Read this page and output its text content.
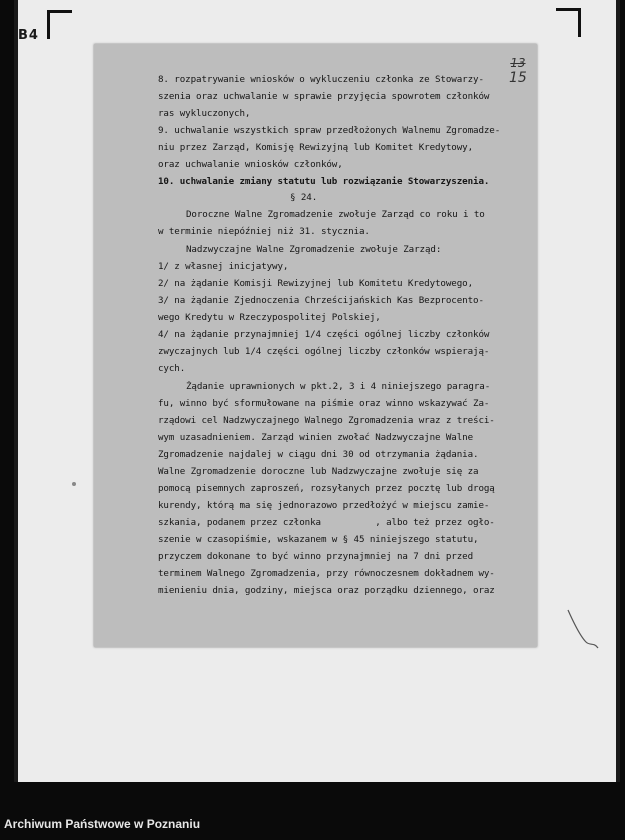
B4
8. rozpatrywanie wniosków o wykluczeniu członka ze Stowarzy-
szenia oraz uchwalanie w sprawie przyjęcia spowrotem członków
ras wykluczonych,
9. uchwalanie wszystkich spraw przedłożonych Walnemu Zgromadze-
niu przez Zarząd, Komisję Rewizyjną lub Komitet Kredytowy,
oraz uchwalanie wniosków członków,
10. uchwalanie zmiany statutu lub rozwiązanie Stowarzyszenia.
§ 24.
Doroczne Walne Zgromadzenie zwołuje Zarząd co roku i to
w terminie niepóźniej niż 31. stycznia.
Nadzwyczajne Walne Zgromadzenie zwołuje Zarząd:
1/ z własnej inicjatywy,
2/ na żądanie Komisji Rewizyjnej lub Komitetu Kredytowego,
3/ na żądanie Zjednoczenia Chrześcijańskich Kas Bezprocento-
wego Kredytu w Rzeczypospolitej Polskiej,
4/ na żądanie przynajmniej 1/4 części ogólnej liczby członków
zwyczajnych lub 1/4 części ogólnej liczby członków wspierają-
cych.
Żądanie uprawnionych w pkt.2, 3 i 4 niniejszego paragra-
fu, winno być sformułowane na piśmie oraz winno wskazywać Za-
rządowi cel Nadzwyczajnego Walnego Zgromadzenia wraz z treści-
wym uzasadnieniem. Zarząd winien zwołać Nadzwyczajne Walne
Zgromadzenie najdalej w ciągu dni 30 od otrzymania żądania.
Walne Zgromadzenie doroczne lub Nadzwyczajne zwołuje się za
pomocą pisemnych zaproszeń, rozsyłanych przez pocztę lub drogą
kurendy, którą ma się jednorazowo przedłożyć w miejscu zamie-
szkania, podanem przez członka          , albo też przez ogło-
szenie w czasopiśmie, wskazanem w § 45 niniejszego statutu,
przyczem dokonane to być winno przynajmniej na 7 dni przed
terminem Walnego Zgromadzenia, przy równoczesnem dokładnem wy-
mienieniu dnia, godziny, miejsca oraz porządku dziennego, oraz
13
15
Archiwum Państwowe w Poznaniu
